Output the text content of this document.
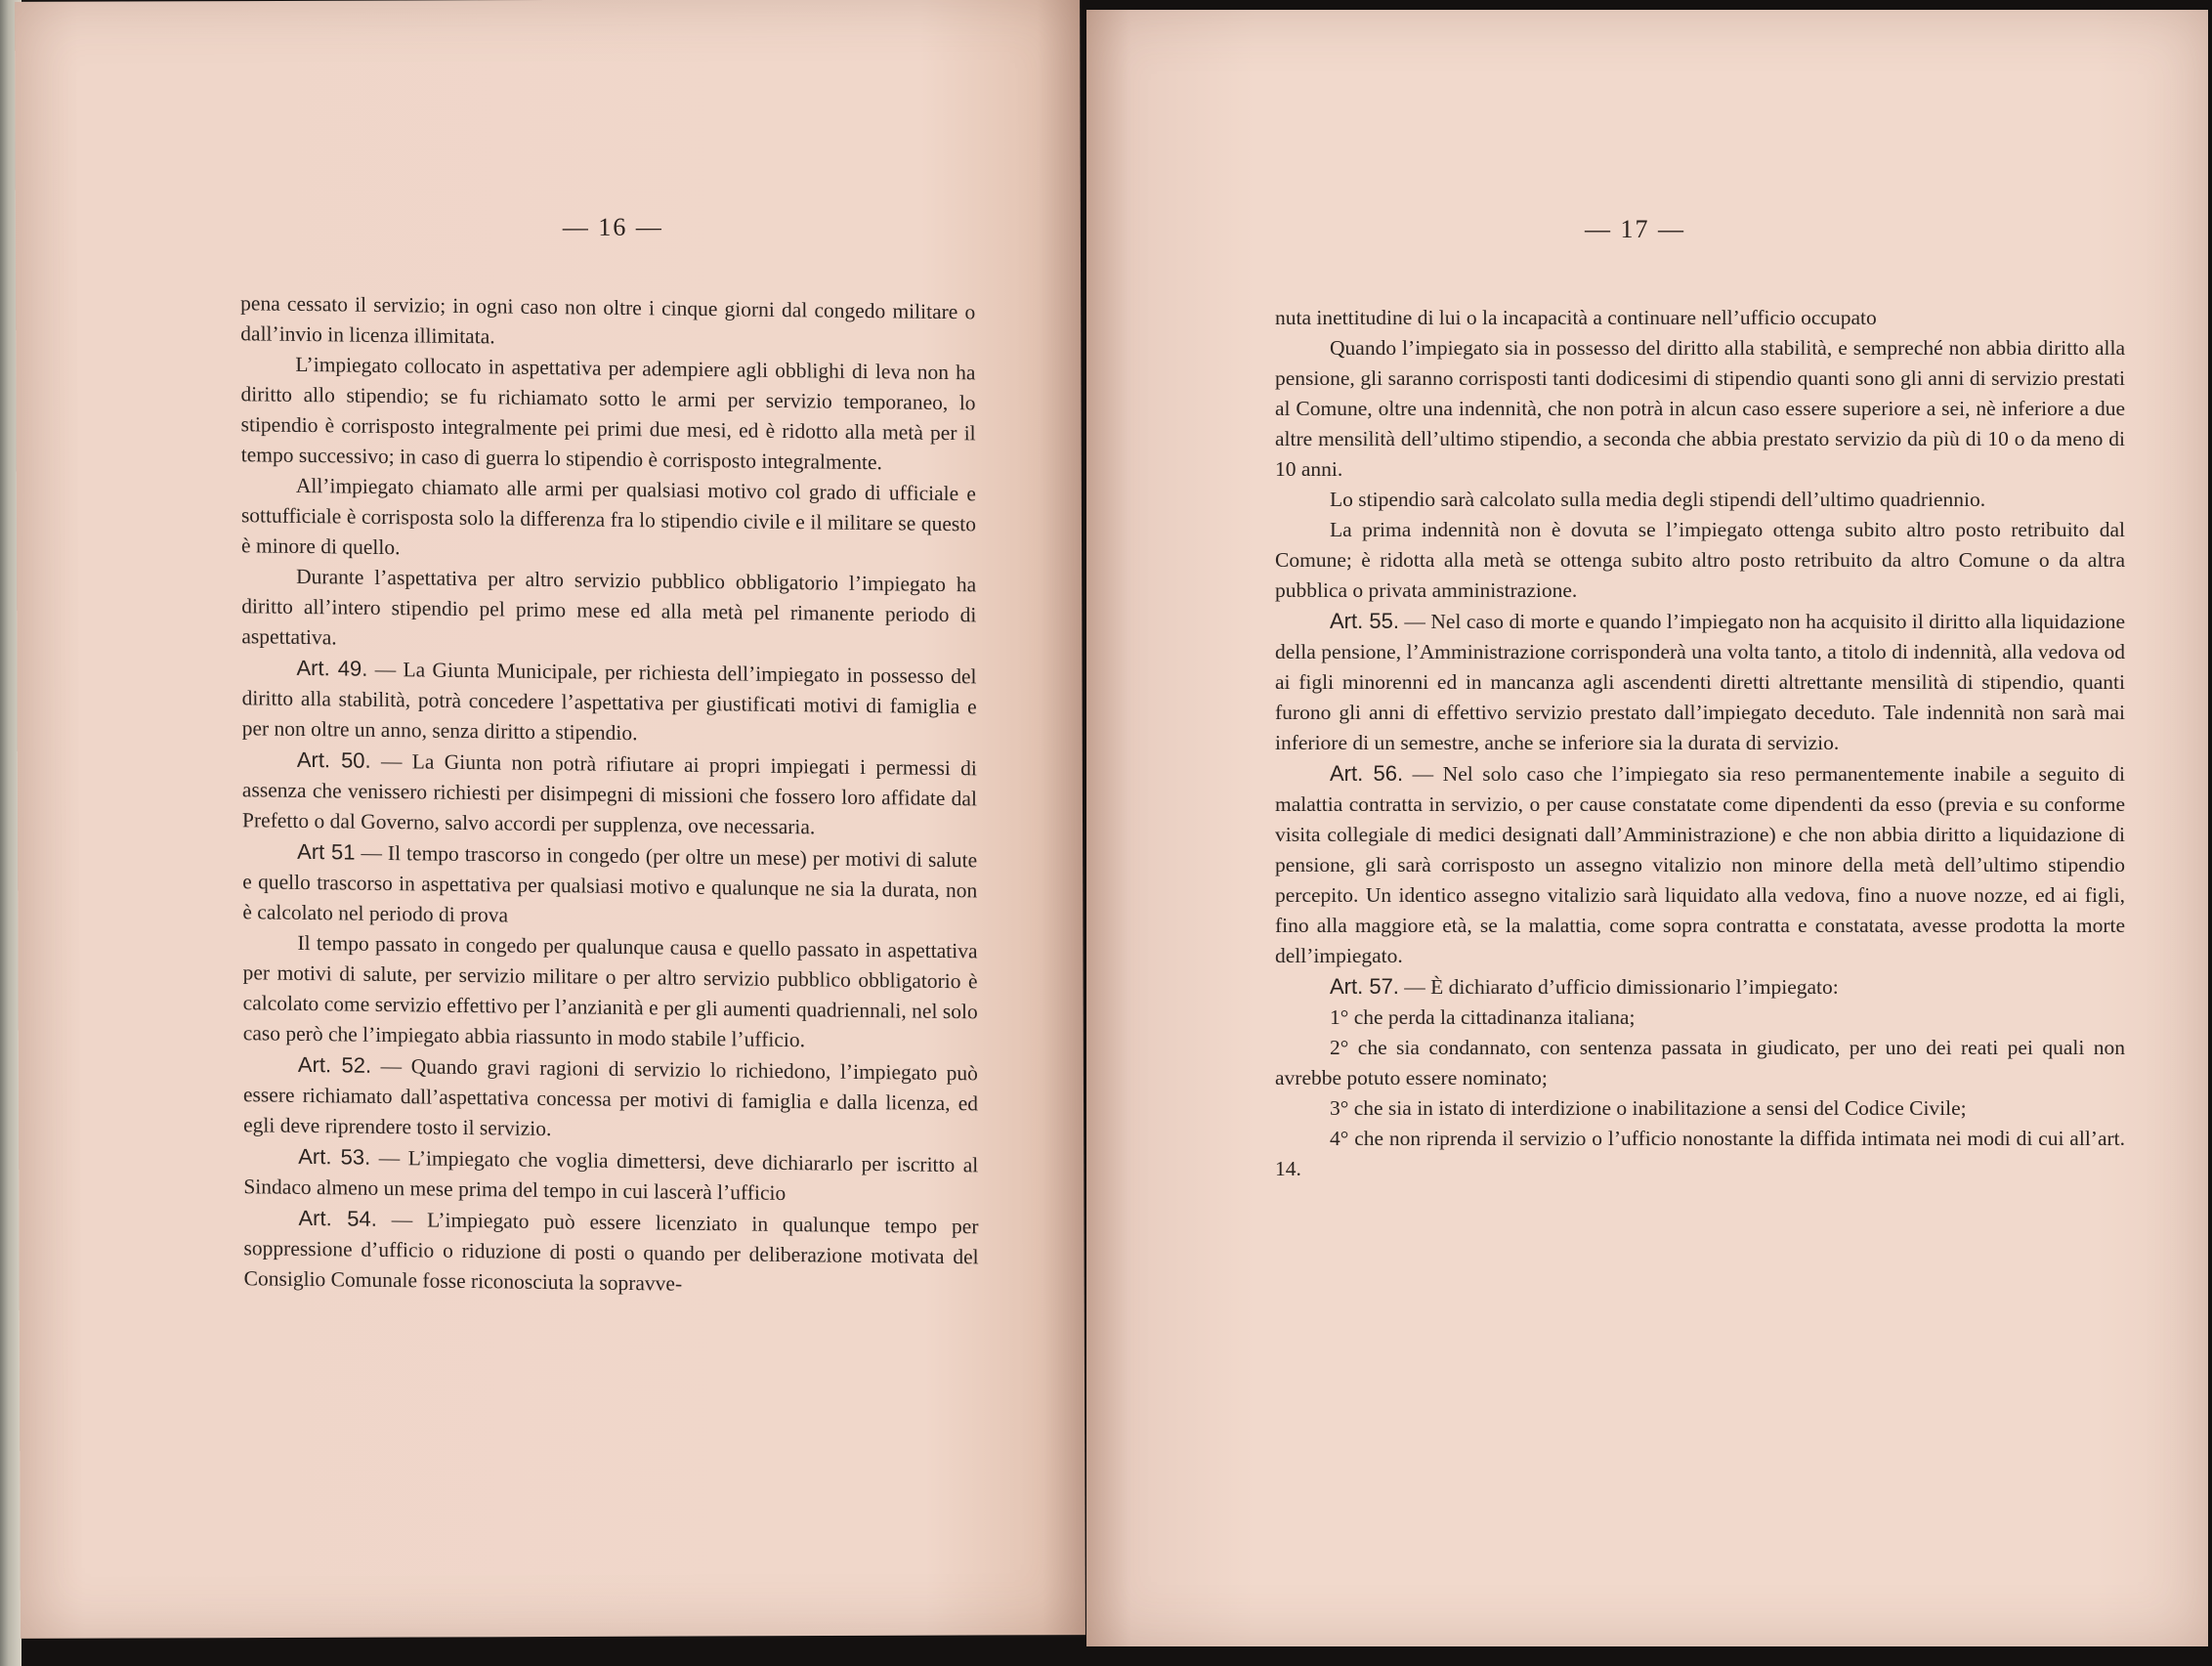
— 16 —

pena cessato il servizio; in ogni caso non oltre i cinque giorni dal congedo militare o dall’invio in licenza illimitata.

L’impiegato collocato in aspettativa per adempiere agli obblighi di leva non ha diritto allo stipendio; se fu richiamato sotto le armi per servizio temporaneo, lo stipendio è corrisposto integralmente pei primi due mesi, ed è ridotto alla metà per il tempo successivo; in caso di guerra lo stipendio è corrisposto integralmente.

All’impiegato chiamato alle armi per qualsiasi motivo col grado di ufficiale e sottufficiale è corrisposta solo la differenza fra lo stipendio civile e il militare se questo è minore di quello.

Durante l’aspettativa per altro servizio pubblico obbligatorio l’impiegato ha diritto all’intero stipendio pel primo mese ed alla metà pel rimanente periodo di aspettativa.

Art. 49. — La Giunta Municipale, per richiesta dell’impiegato in possesso del diritto alla stabilità, potrà concedere l’aspettativa per giustificati motivi di famiglia e per non oltre un anno, senza diritto a stipendio.

Art. 50. — La Giunta non potrà rifiutare ai propri impiegati i permessi di assenza che venissero richiesti per disimpegni di missioni che fossero loro affidate dal Prefetto o dal Governo, salvo accordi per supplenza, ove necessaria.

Art 51 — Il tempo trascorso in congedo (per oltre un mese) per motivi di salute e quello trascorso in aspettativa per qualsiasi motivo e qualunque ne sia la durata, non è calcolato nel periodo di prova

Il tempo passato in congedo per qualunque causa e quello passato in aspettativa per motivi di salute, per servizio militare o per altro servizio pubblico obbligatorio è calcolato come servizio effettivo per l’anzianità e per gli aumenti quadriennali, nel solo caso però che l’impiegato abbia riassunto in modo stabile l’ufficio.

Art. 52. — Quando gravi ragioni di servizio lo richiedono, l’impiegato può essere richiamato dall’aspettativa concessa per motivi di famiglia e dalla licenza, ed egli deve riprendere tosto il servizio.

Art. 53. — L’impiegato che voglia dimettersi, deve dichiararlo per iscritto al Sindaco almeno un mese prima del tempo in cui lascerà l’ufficio

Art. 54. — L’impiegato può essere licenziato in qualunque tempo per soppressione d’ufficio o riduzione di posti o quando per deliberazione motivata del Consiglio Comunale fosse riconosciuta la sopravve-

— 17 —

nuta inettitudine di lui o la incapacità a continuare nell’ufficio occupato

Quando l’impiegato sia in possesso del diritto alla stabilità, e sempreché non abbia diritto alla pensione, gli saranno corrisposti tanti dodicesimi di stipendio quanti sono gli anni di servizio prestati al Comune, oltre una indennità, che non potrà in alcun caso essere superiore a sei, nè inferiore a due altre mensilità dell’ultimo stipendio, a seconda che abbia prestato servizio da più di 10 o da meno di 10 anni.

Lo stipendio sarà calcolato sulla media degli stipendi dell’ultimo quadriennio.

La prima indennità non è dovuta se l’impiegato ottenga subito altro posto retribuito dal Comune; è ridotta alla metà se ottenga subito altro posto retribuito da altro Comune o da altra pubblica o privata amministrazione.

Art. 55. — Nel caso di morte e quando l’impiegato non ha acquisito il diritto alla liquidazione della pensione, l’Amministrazione corrisponderà una volta tanto, a titolo di indennità, alla vedova od ai figli minorenni ed in mancanza agli ascendenti diretti altrettante mensilità di stipendio, quanti furono gli anni di effettivo servizio prestato dall’impiegato deceduto. Tale indennità non sarà mai inferiore di un semestre, anche se inferiore sia la durata di servizio.

Art. 56. — Nel solo caso che l’impiegato sia reso permanentemente inabile a seguito di malattia contratta in servizio, o per cause constatate come dipendenti da esso (previa e su conforme visita collegiale di medici designati dall’Amministrazione) e che non abbia diritto a liquidazione di pensione, gli sarà corrisposto un assegno vitalizio non minore della metà dell’ultimo stipendio percepito. Un identico assegno vitalizio sarà liquidato alla vedova, fino a nuove nozze, ed ai figli, fino alla maggiore età, se la malattia, come sopra contratta e constatata, avesse prodotta la morte dell’impiegato.

Art. 57. — È dichiarato d’ufficio dimissionario l’impiegato:

1° che perda la cittadinanza italiana;

2° che sia condannato, con sentenza passata in giudicato, per uno dei reati pei quali non avrebbe potuto essere nominato;

3° che sia in istato di interdizione o inabilitazione a sensi del Codice Civile;

4° che non riprenda il servizio o l’ufficio nonostante la diffida intimata nei modi di cui all’art. 14.
